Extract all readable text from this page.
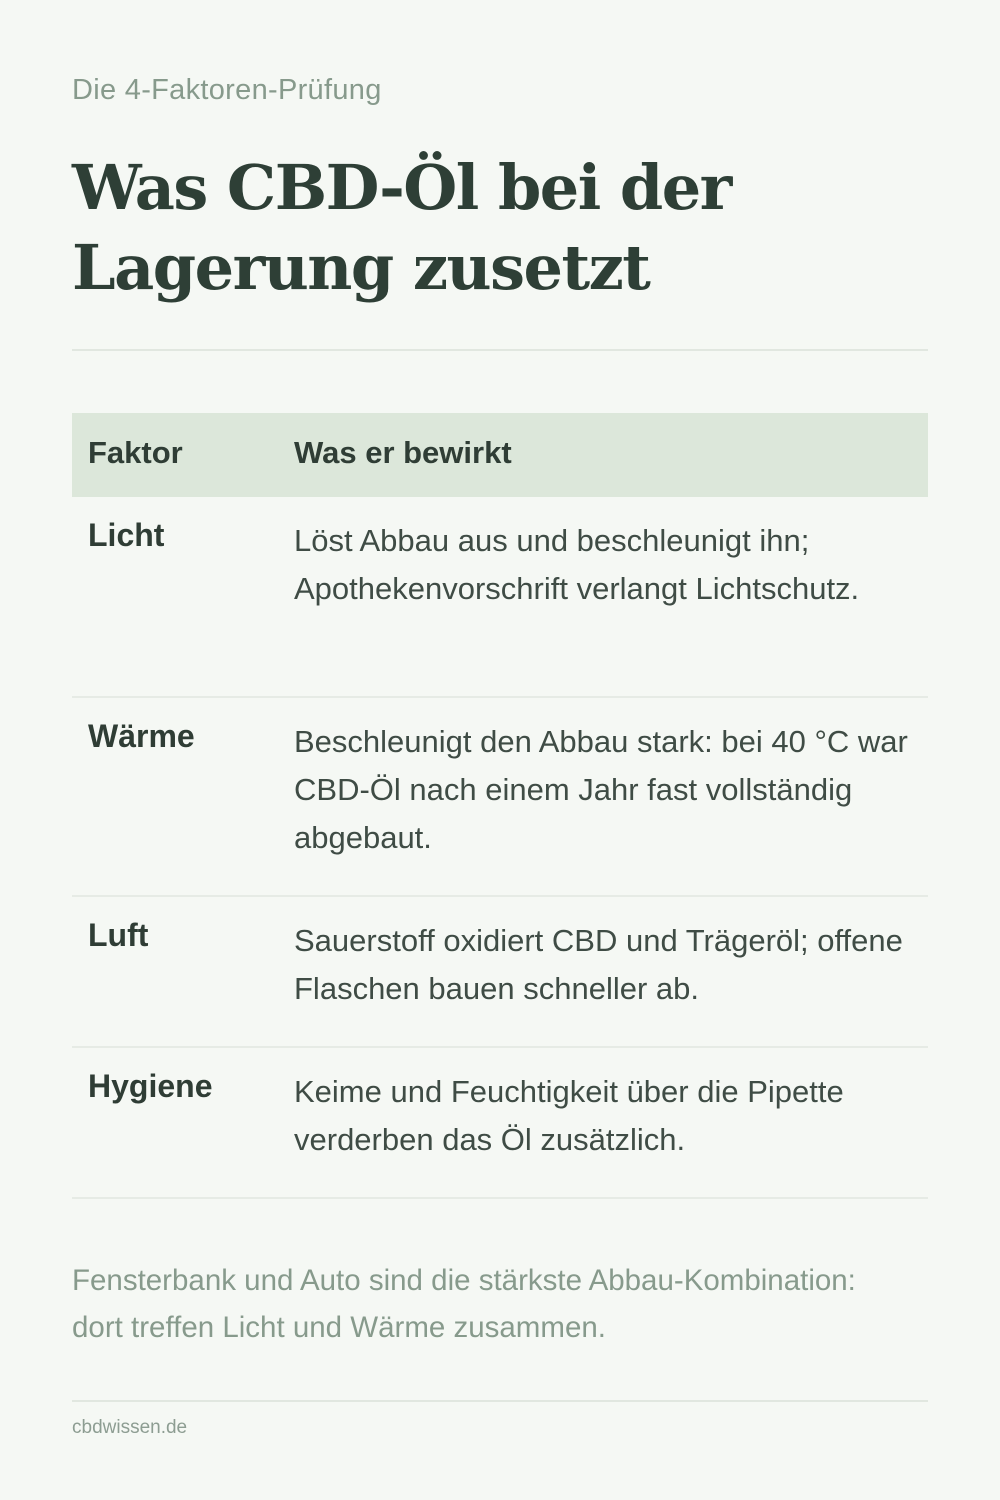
Die 4-Faktoren-Prüfung
Was CBD-Öl bei der Lagerung zusetzt
Faktor	Was er bewirkt
Licht	Löst Abbau aus und beschleunigt ihn; Apothekenvorschrift verlangt Lichtschutz.
Wärme	Beschleunigt den Abbau stark: bei 40 °C war CBD-Öl nach einem Jahr fast vollständig abgebaut.
Luft	Sauerstoff oxidiert CBD und Trägeröl; offene Flaschen bauen schneller ab.
Hygiene	Keime und Feuchtigkeit über die Pipette verderben das Öl zusätzlich.
Fensterbank und Auto sind die stärkste Abbau-Kombination: dort treffen Licht und Wärme zusammen.
cbdwissen.de
